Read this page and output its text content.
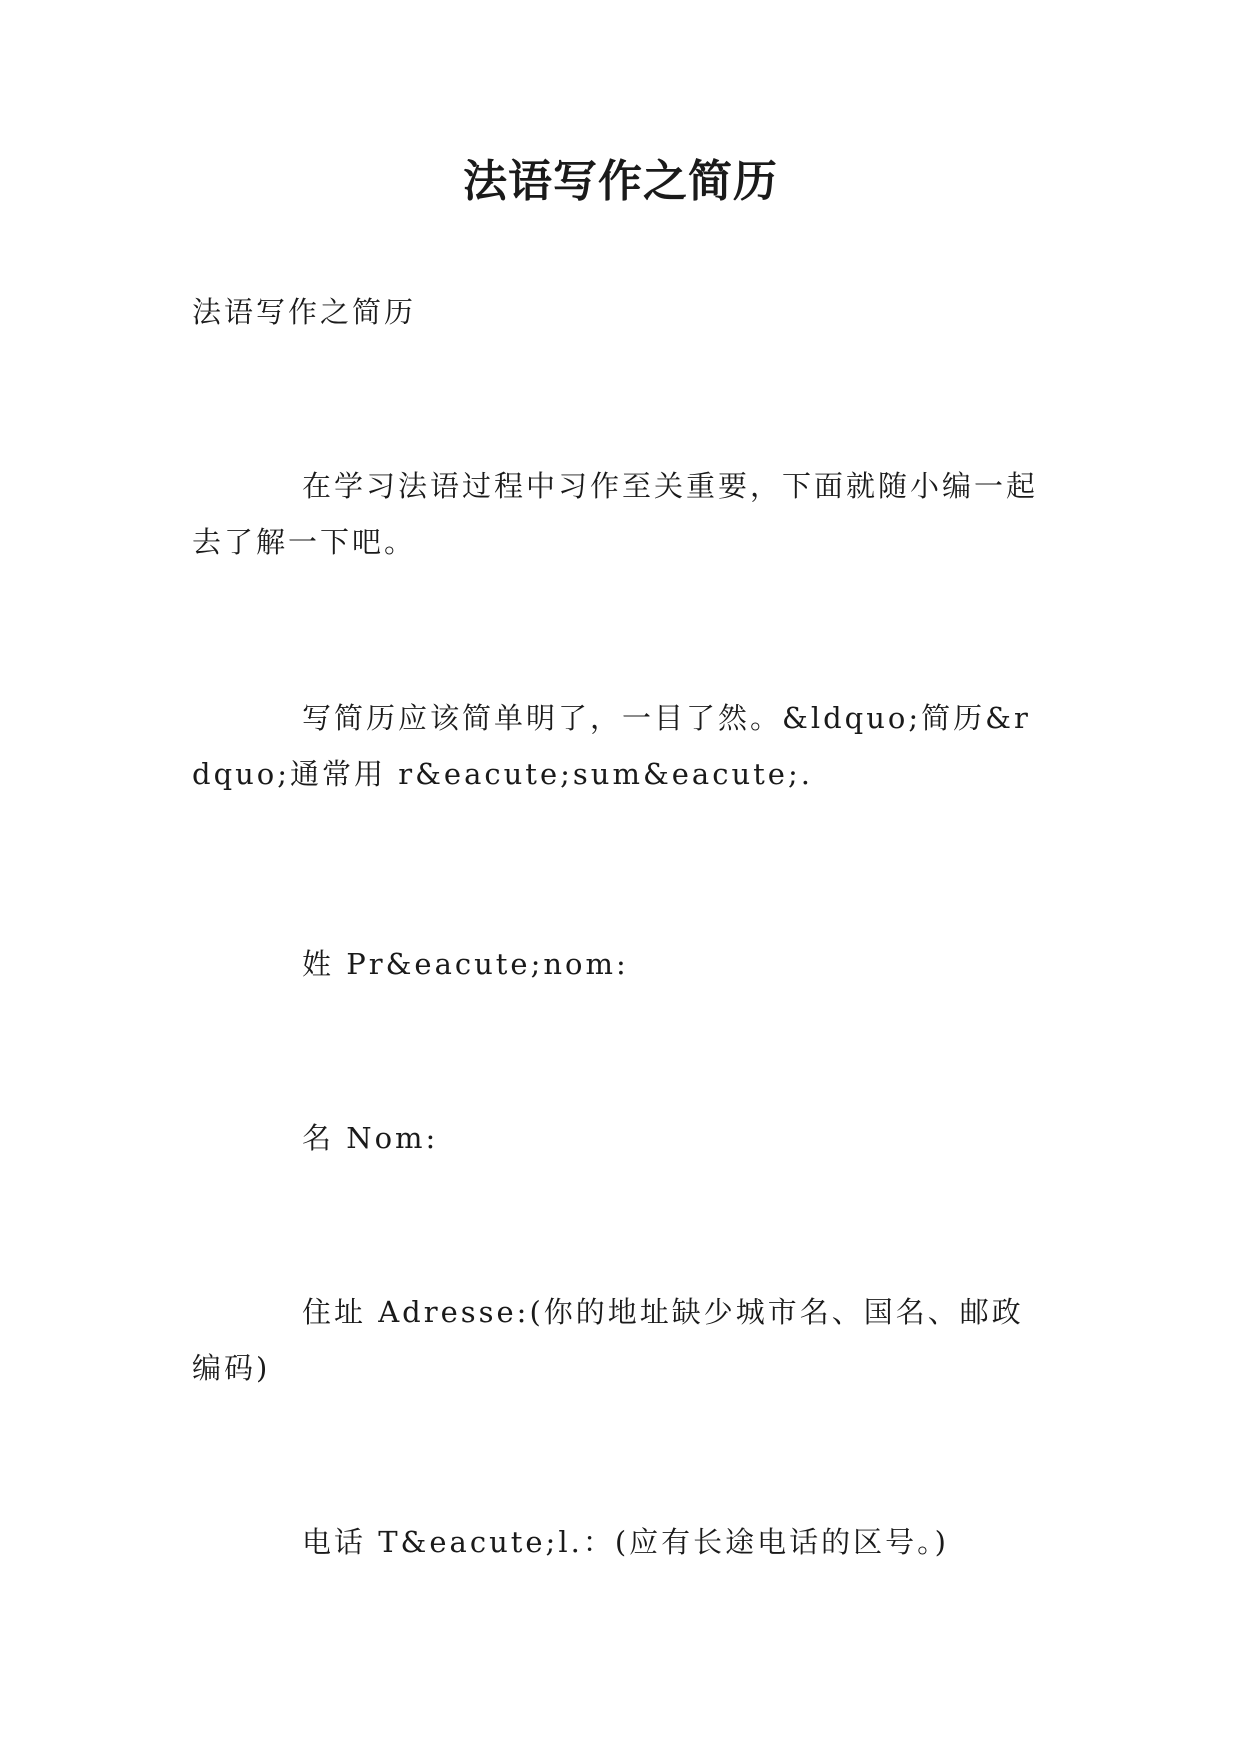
法语写作之简历

法语写作之简历

在学习法语过程中习作至关重要，下面就随小编一起去了解一下吧。

写简历应该简单明了，一目了然。&ldquo;简历&rdquo;通常用 r&eacute;sum&eacute;.

姓 Pr&eacute;nom:

名 Nom:

住址 Adresse:(你的地址缺少城市名、国名、邮政编码)

电话 T&eacute;l.：(应有长途电话的区号。)
